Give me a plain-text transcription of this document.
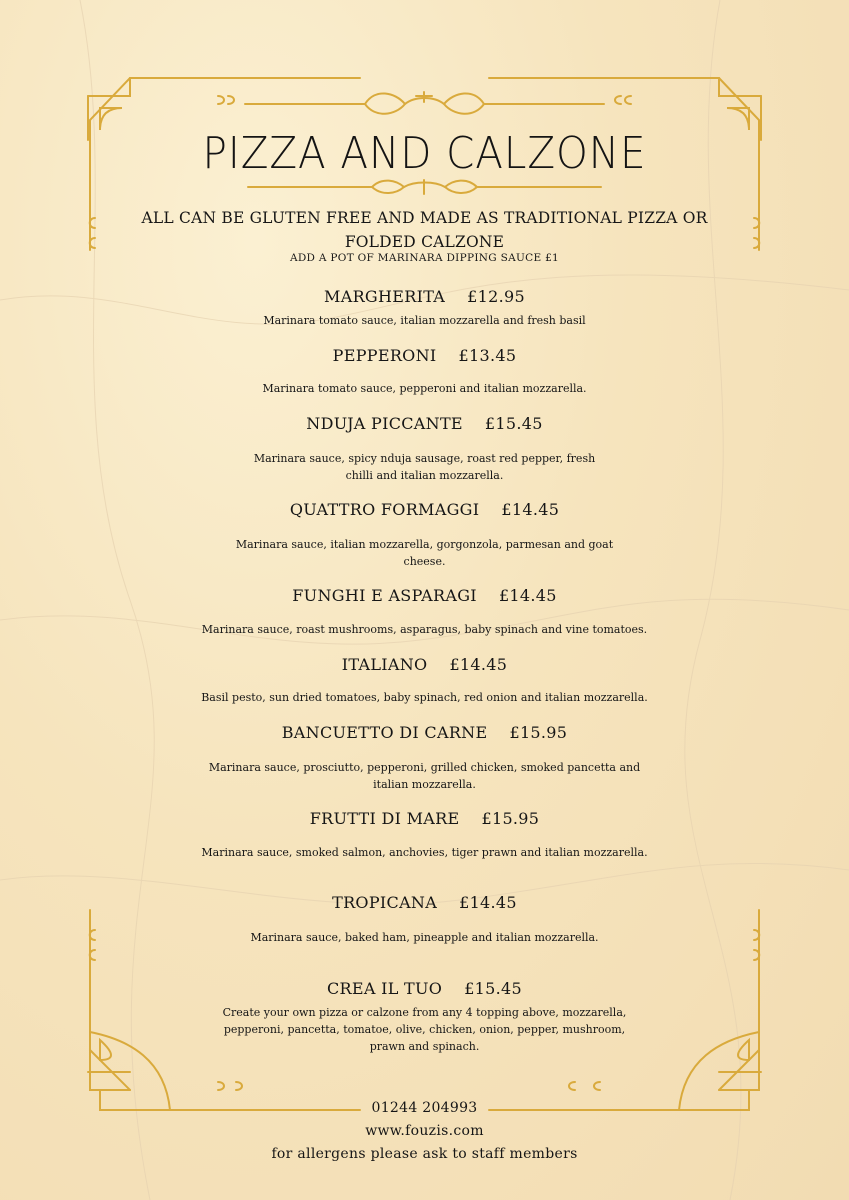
PIZZA AND CALZONE
ALL CAN BE GLUTEN FREE AND MADE AS TRADITIONAL PIZZA OR FOLDED CALZONE
ADD A POT OF MARINARA DIPPING SAUCE £1
MARGHERITA £12.95
Marinara tomato sauce, italian mozzarella and fresh basil
PEPPERONI £13.45
Marinara tomato sauce, pepperoni and italian mozzarella.
NDUJA PICCANTE £15.45
Marinara sauce, spicy nduja sausage, roast red pepper, fresh chilli and italian mozzarella.
QUATTRO FORMAGGI £14.45
Marinara sauce, italian mozzarella, gorgonzola, parmesan and goat cheese.
FUNGHI E ASPARAGI £14.45
Marinara sauce, roast mushrooms, asparagus, baby spinach and vine tomatoes.
ITALIANO £14.45
Basil pesto, sun dried tomatoes, baby spinach, red onion and italian mozzarella.
BANCUETTO DI CARNE £15.95
Marinara sauce, prosciutto, pepperoni, grilled chicken, smoked pancetta and italian mozzarella.
FRUTTI DI MARE £15.95
Marinara sauce, smoked salmon, anchovies, tiger prawn and italian mozzarella.
TROPICANA £14.45
Marinara sauce, baked ham, pineapple and italian mozzarella.
CREA IL TUO £15.45
Create your own pizza or calzone from any 4 topping above, mozzarella, pepperoni, pancetta, tomatoe, olive, chicken, onion, pepper, mushroom, prawn and spinach.
01244 204993
www.fouzis.com
for allergens please ask to staff members
